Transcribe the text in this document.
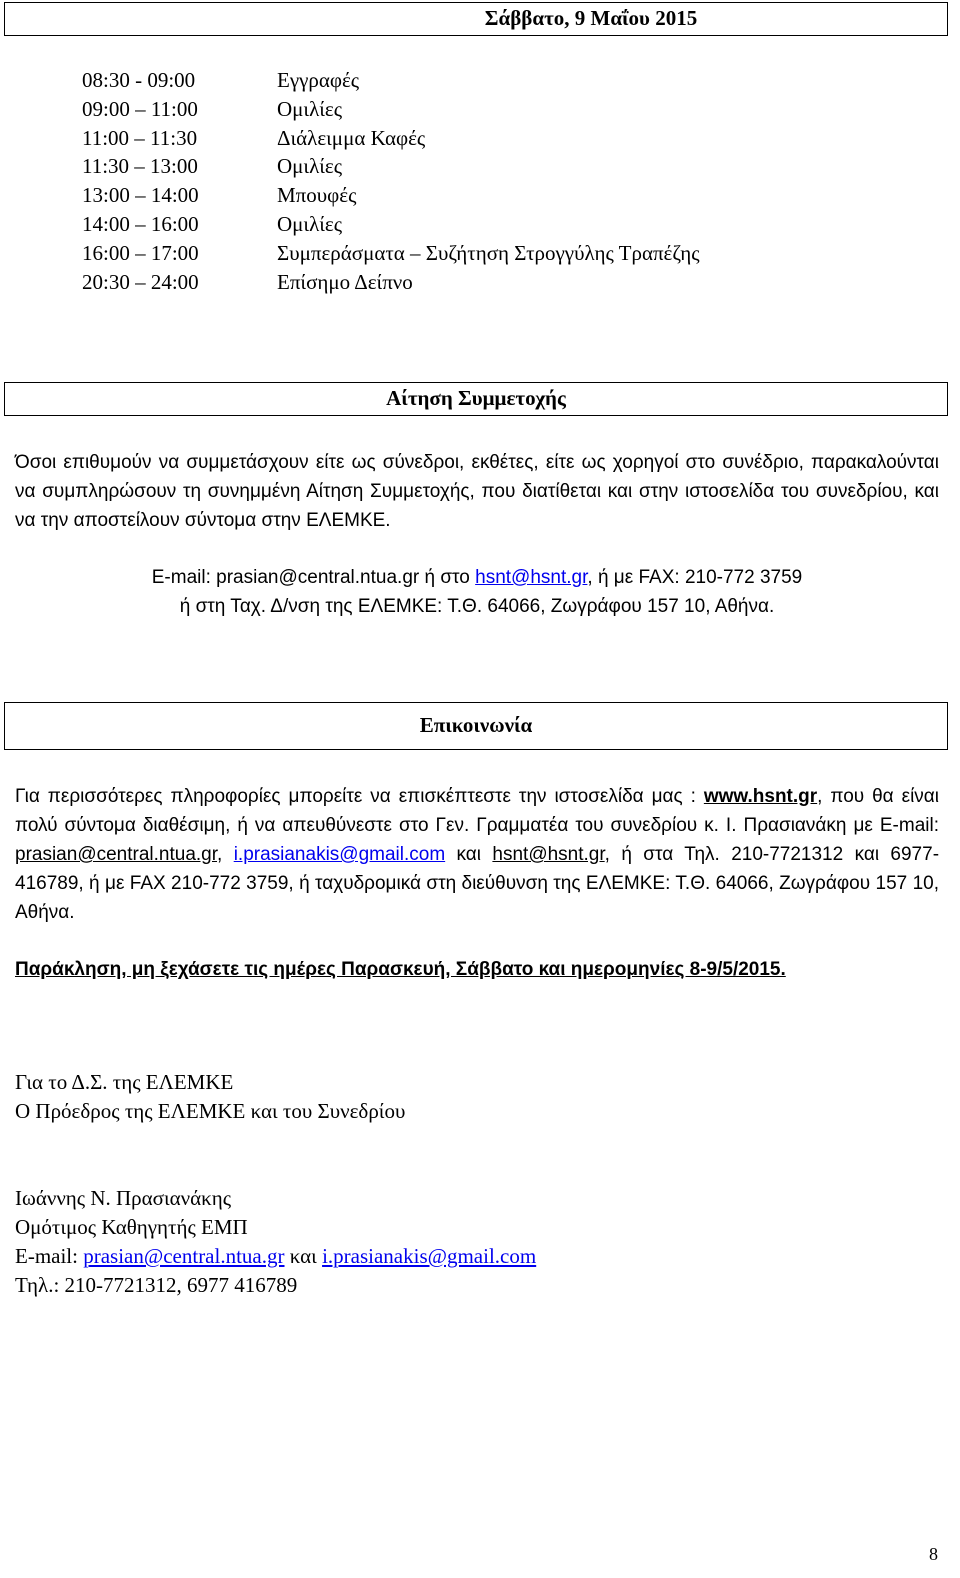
Σάββατο, 9 Μαΐου 2015
08:30 - 09:00	Εγγραφές
09:00 – 11:00	Ομιλίες
11:00 – 11:30	Διάλειμμα Καφές
11:30 – 13:00	Ομιλίες
13:00 – 14:00	Μπουφές
14:00 – 16:00	Ομιλίες
16:00 – 17:00	Συμπεράσματα – Συζήτηση Στρογγύλης Τραπέζης
20:30 – 24:00	Επίσημο Δείπνο
Αίτηση Συμμετοχής
Όσοι επιθυμούν να συμμετάσχουν είτε ως σύνεδροι, εκθέτες, είτε ως χορηγοί στο συνέδριο, παρακαλούνται να συμπληρώσουν τη συνημμένη Αίτηση Συμμετοχής, που διατίθεται και στην ιστοσελίδα του συνεδρίου, και να την αποστείλουν σύντομα στην ΕΛΕΜΚΕ.
E-mail: prasian@central.ntua.gr ή στο hsnt@hsnt.gr, ή με FAX: 210-772 3759
ή στη Ταχ. Δ/νση της ΕΛΕΜΚΕ: Τ.Θ. 64066, Ζωγράφου 157 10, Αθήνα.
Επικοινωνία
Για περισσότερες πληροφορίες μπορείτε να επισκέπτεστε την ιστοσελίδα μας : www.hsnt.gr, που θα είναι πολύ σύντομα διαθέσιμη, ή να απευθύνεστε στο Γεν. Γραμματέα του συνεδρίου κ. Ι. Πρασιανάκη με E-mail: prasian@central.ntua.gr, i.prasianakis@gmail.com και hsnt@hsnt.gr, ή στα Τηλ. 210-7721312 και 6977-416789, ή με FAX 210-772 3759, ή ταχυδρομικά στη διεύθυνση της ΕΛΕΜΚΕ: Τ.Θ. 64066, Ζωγράφου 157 10, Αθήνα.
Παράκληση, μη ξεχάσετε τις ημέρες Παρασκευή, Σάββατο και ημερομηνίες 8-9/5/2015.
Για το Δ.Σ. της ΕΛΕΜΚΕ
Ο Πρόεδρος της ΕΛΕΜΚΕ και του Συνεδρίου
Ιωάννης Ν. Πρασιανάκης
Ομότιμος Καθηγητής ΕΜΠ
E-mail: prasian@central.ntua.gr και i.prasianakis@gmail.com
Τηλ.: 210-7721312, 6977 416789
8
